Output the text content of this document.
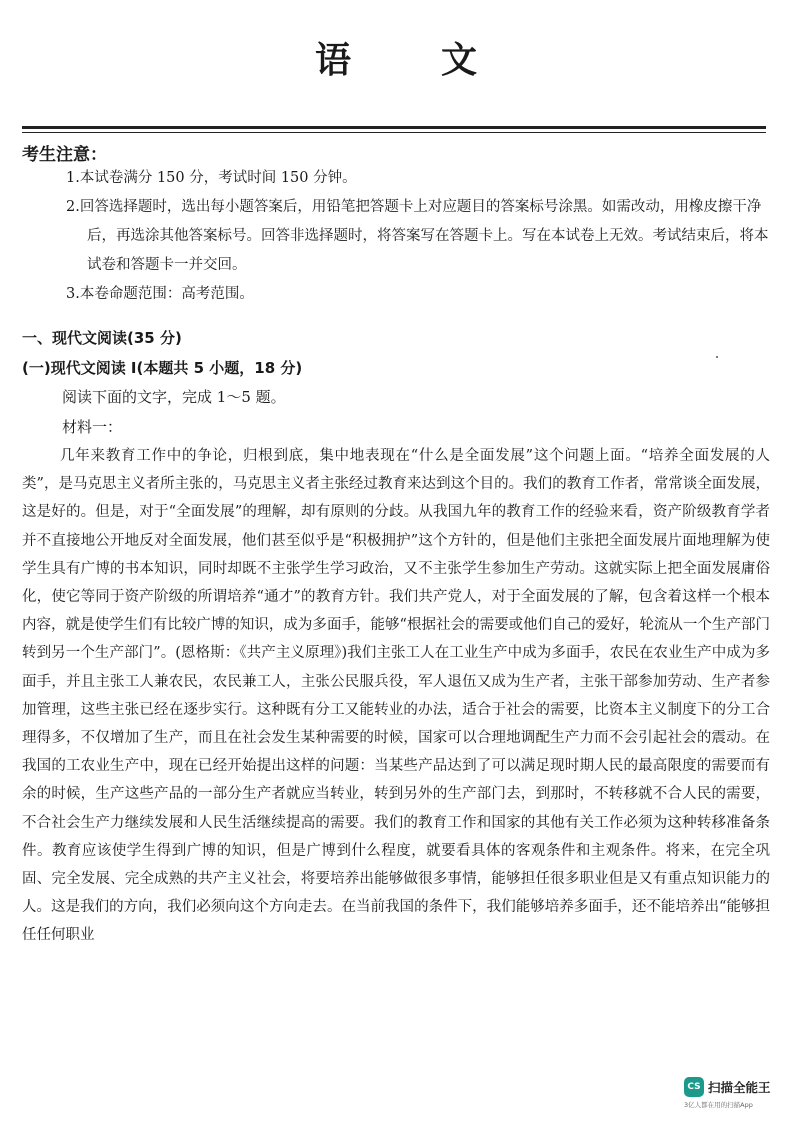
语 文
考生注意：
1.本试卷满分 150 分，考试时间 150 分钟。
2.回答选择题时，选出每小题答案后，用铅笔把答题卡上对应题目的答案标号涂黑。如需改动，用橡皮擦干净后，再选涂其他答案标号。回答非选择题时，将答案写在答题卡上。写在本试卷上无效。考试结束后，将本试卷和答题卡一并交回。
3.本卷命题范围：高考范围。
一、现代文阅读(35 分)
(一)现代文阅读 Ⅰ(本题共 5 小题，18 分)
阅读下面的文字，完成 1～5 题。
材料一：

几年来教育工作中的争论，归根到底，集中地表现在“什么是全面发展”这个问题上面。“培养全面发展的人类”，是马克思主义者所主张的，马克思主义者主张经过教育来达到这个目的。我们的教育工作者，常常谈全面发展，这是好的。但是，对于“全面发展”的理解，却有原则的分歧。从我国九年的教育工作的经验来看，资产阶级教育学者并不直接地公开地反对全面发展，他们甚至似乎是“积极拥护”这个方针的，但是他们主张把全面发展片面地理解为使学生具有广博的书本知识，同时却既不主张学生学习政治，又不主张学生参加生产劳动。这就实际上把全面发展庸俗化，使它等同于资产阶级的所谓培养“通才”的教育方针。我们共产党人，对于全面发展的了解，包含着这样一个根本内容，就是使学生们有比较广博的知识，成为多面手，能够“根据社会的需要或他们自己的爱好，轮流从一个生产部门转到另一个生产部门”。(恩格斯：《共产主义原理》)我们主张工人在工业生产中成为多面手，农民在农业生产中成为多面手，并且主张工人兼农民，农民兼工人，主张公民服兵役，军人退伍又成为生产者，主张干部参加劳动、生产者参加管理，这些主张已经在逐步实行。这种既有分工又能转业的办法，适合于社会的需要，比资本主义制度下的分工合理得多，不仅增加了生产，而且在社会发生某种需要的时候，国家可以合理地调配生产力而不会引起社会的震动。在我国的工农业生产中，现在已经开始提出这样的问题：当某些产品达到了可以满足现时期人民的最高限度的需要而有余的时候，生产这些产品的一部分生产者就应当转业，转到另外的生产部门去，到那时，不转移就不合人民的需要，不合社会生产力继续发展和人民生活继续提高的需要。我们的教育工作和国家的其他有关工作必须为这种转移准备条件。教育应该使学生得到广博的知识，但是广博到什么程度，就要看具体的客观条件和主观条件。将来，在完全巩固、完全发展、完全成熟的共产主义社会，将要培养出能够做很多事情，能够担任很多职业但是又有重点知识能力的人。这是我们的方向，我们必须向这个方向走去。在当前我国的条件下，我们能够培养多面手，还不能培养出“能够担任任何职业

CS 扫描全能王
3亿人都在用的扫描App
